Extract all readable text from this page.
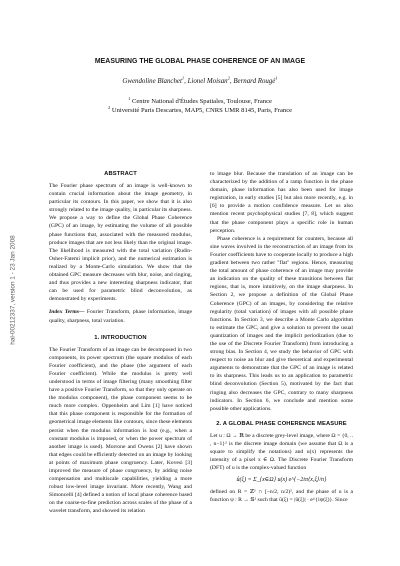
hal-00212337, version 1 - 23 Jan 2008
MEASURING THE GLOBAL PHASE COHERENCE OF AN IMAGE
Gwendoline Blanchet$^1$, Lionel Moisan$^2$, Bernard Rougé$^1$
$^1$ Centre National d'Études Spatiales, Toulouse, France
$^2$ Université Paris Descartes, MAP5, CNRS UMR 8145, Paris, France
ABSTRACT

The Fourier phase spectrum of an image is well-known to contain crucial information about the image geometry, in particular its contours. In this paper, we show that it is also strongly related to the image quality, in particular its sharpness. We propose a way to define the Global Phase Coherence (GPC) of an image, by estimating the volume of all possible phase functions that, associated with the measured modulus, produce images that are not less likely than the original image. The likelihood is measured with the total variation (Rudin-Osher-Fatemi implicit prior), and the numerical estimation is realized by a Monte-Carlo simulation. We show that the obtained GPC measure decreases with blur, noise, and ringing, and thus provides a new interesting sharpness indicator, that can be used for parametric blind deconvolution, as demonstrated by experiments.

Index Terms— Fourier Transform, phase information, image quality, sharpness, total variation.

1. INTRODUCTION

The Fourier Transform of an image can be decomposed in two components, its power spectrum (the square modulus of each Fourier coefficient), and the phase (the argument of each Fourier coefficient). While the modulus is pretty well understood in terms of image filtering (many smoothing filter have a positive Fourier Transform, so that they only operate on the modulus component), the phase component seems to be much more complex. Oppenheim and Lim [1] have noticed that this phase component is responsible for the formation of geometrical image elements like contours, since these elements persist when the modulus information is lost (e.g., when a constant modulus is imposed, or when the power spectrum of another image is used). Morrone and Owens [2] have shown that edges could be efficiently detected on an image by looking at points of maximum phase congruency. Later, Kovesi [3] improved the measure of phase congruency, by adding noise compensation and multiscale capabilities, yielding a more robust low-level image invariant. More recently, Wang and Simoncelli [4] defined a notion of local phase coherence based on the coarse-to-fine prediction across scales of the phase of a wavelet transform, and showed its relation

to image blur. Because the translation of an image can be characterized by the addition of a ramp function in the phase domain, phase information has also been used for image registration, in early studies [5] but also more recently, e.g. in [6] to provide a motion confidence measure. Let us also mention recent psychophysical studies [7, 8], which suggest that the phase component plays a specific role in human perception.

Phase coherence is a requirement for counters, because all sine waves involved in the reconstruction of an image from its Fourier coefficients have to cooperate locally to produce a high gradient between two rather "flat" regions. Hence, measuring the total amount of phase coherence of an image may provide an indication on the quality of these transitions between flat regions, that is, more intuitively, on the image sharpness. In Section 2, we propose a definition of the Global Phase Coherence (GPC) of an images, by considering the relative regularity (total variation) of images with all possible phase functions. In Section 3, we describe a Monte Carlo algorithm to estimate the GPC, and give a solution to prevent the usual quantization of images and the implicit periodization (due to the use of the Discrete Fourier Transform) from introducing a strong bias. In Section 4, we study the behavior of GPC with respect to noise an blur and give theoretical and experimental arguments to demonstrate that the GPC of an image is related to its sharpness. This leads us to an application to parametric blind deconvolution (Section 5), motivated by the fact that ringing also decreases the GPC, contrary to many sharpness indicators. In Section 6, we conclude and mention some possible other applications.

2. A GLOBAL PHASE COHERENCE MEASURE

Let u : Ω → ℝ be a discrete grey-level image, where Ω = {0, .. , n−1}² is the discrete image domain (we assume that Ω is a square to simplify the notations) and u(x) represents the intensity of a pixel x ∈ Ω. The Discrete Fourier Transform (DFT) of u is the complex-valued function

û(ξ) = Σ_{x∈Ω} u(x) e^{−2iπ⟨x,ξ⟩/n}

defined on R = ℤ² ∩ [−n/2, n/2)², and the phase of u is a function ψ : R → 𝕊¹ such that û(ξ) = |û(ξ)| · e^{iψ(ξ)}. Since
